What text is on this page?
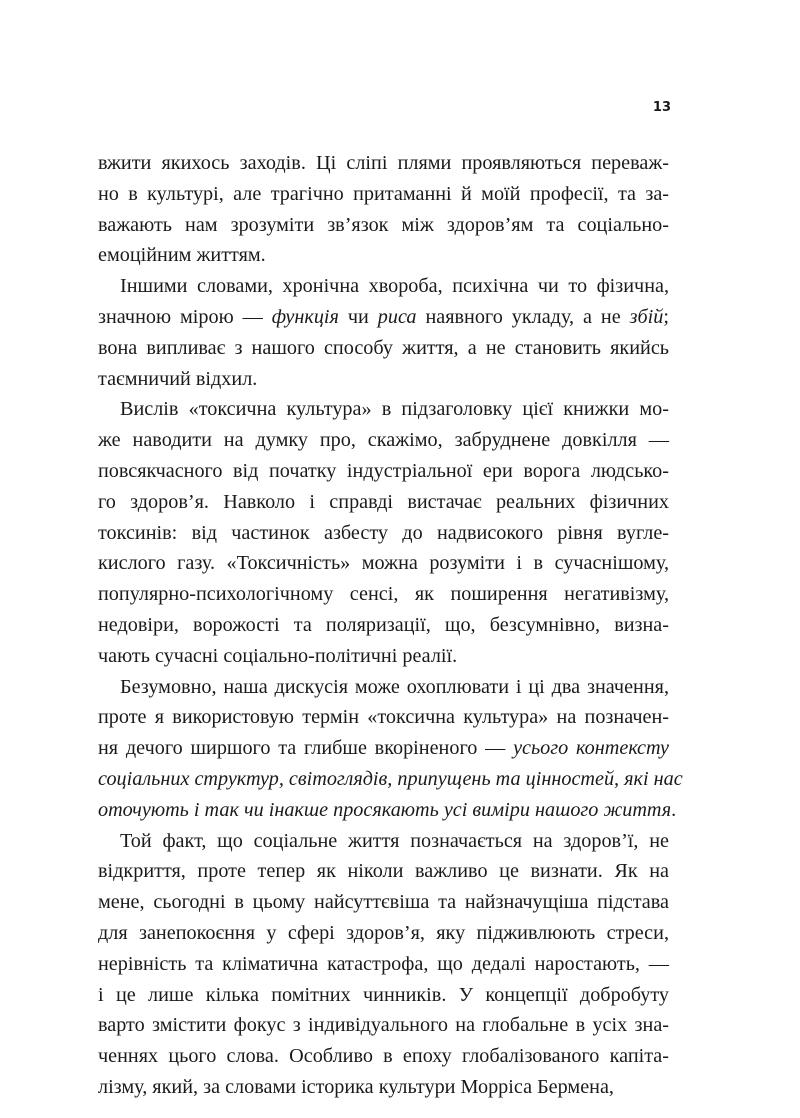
13

вжити якихось заходів. Ці сліпі плями проявляються переваж-
но в культурі, але трагічно притаманні й моїй професії, та за-
важають нам зрозуміти зв’язок між здоров’ям та соціально-
емоційним життям.

Іншими словами, хронічна хвороба, психічна чи то фізична,
значною мірою — функція чи риса наявного укладу, а не збій;
вона випливає з нашого способу життя, а не становить якийсь
таємничий відхил.

Вислів «токсична культура» в підзаголовку цієї книжки мо-
же наводити на думку про, скажімо, забруднене довкілля —
повсякчасного від початку індустріальної ери ворога людсько-
го здоров’я. Навколо і справді вистачає реальних фізичних
токсинів: від частинок азбесту до надвисокого рівня вугле-
кислого газу. «Токсичність» можна розуміти і в сучаснішому,
популярно-психологічному сенсі, як поширення негативізму,
недовіри, ворожості та поляризації, що, безсумнівно, визна-
чають сучасні соціально-політичні реалії.

Безумовно, наша дискусія може охоплювати і ці два значення,
проте я використовую термін «токсична культура» на позначен-
ня дечого ширшого та глибше вкоріненого — усього контексту
соціальних структур, світоглядів, припущень та цінностей, які нас
оточують і так чи інакше просякають усі виміри нашого життя.

Той факт, що соціальне життя позначається на здоров’ї, не
відкриття, проте тепер як ніколи важливо це визнати. Як на
мене, сьогодні в цьому найсуттєвіша та найзначущіша підстава
для занепокоєння у сфері здоров’я, яку підживлюють стреси,
нерівність та кліматична катастрофа, що дедалі наростають, —
і це лише кілька помітних чинників. У концепції добробуту
варто змістити фокус з індивідуального на глобальне в усіх зна-
ченнях цього слова. Особливо в епоху глобалізованого капіта-
лізму, який, за словами історика культури Морріса Бермена,
